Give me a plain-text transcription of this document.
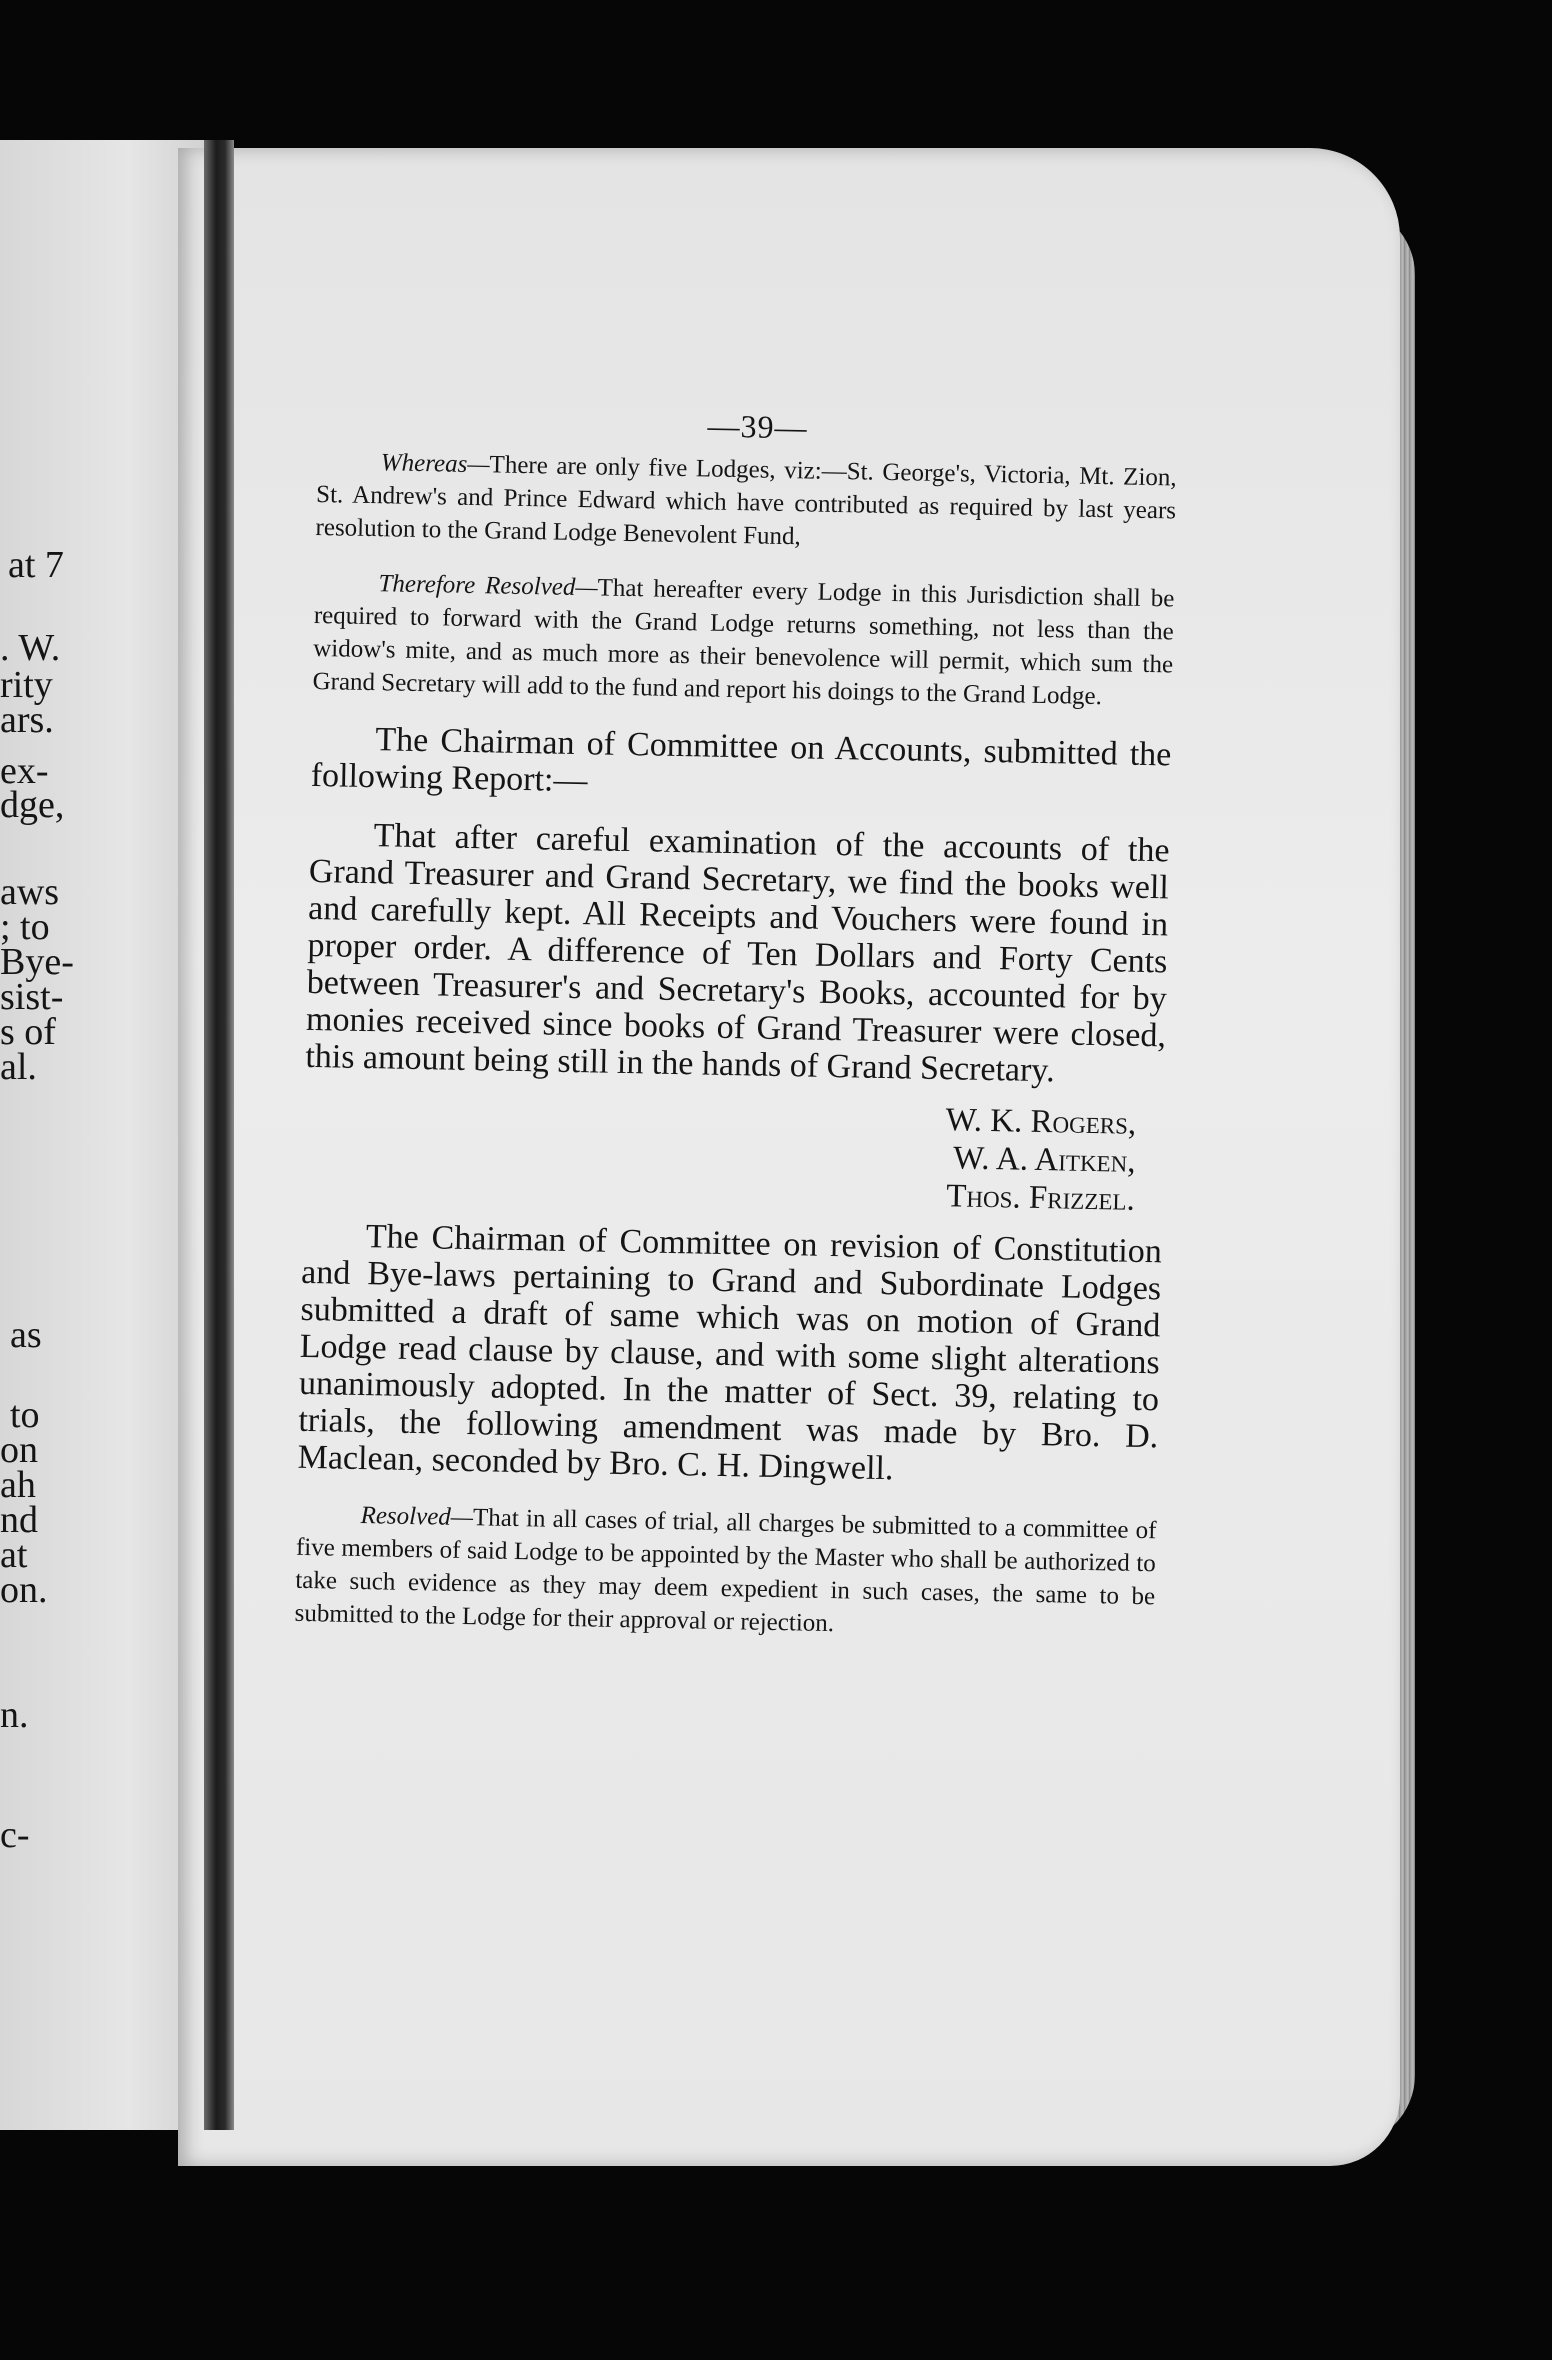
at 7
. W.
rity
ars.
ex-
dge,
aws
; to
Bye-
sist-
s of
al.
as
to
on
ah
nd
at
on.
n.
c-
—39—

Whereas—There are only five Lodges, viz:—St. George's, Victoria, Mt. Zion, St. Andrew's and Prince Edward which have contributed as required by last years resolution to the Grand Lodge Benevolent Fund,

Therefore Resolved—That hereafter every Lodge in this Jurisdiction shall be required to forward with the Grand Lodge returns something, not less than the widow's mite, and as much more as their benevolence will permit, which sum the Grand Secretary will add to the fund and report his doings to the Grand Lodge.

The Chairman of Committee on Accounts, submitted the following Report:—

That after careful examination of the accounts of the Grand Treasurer and Grand Secretary, we find the books well and carefully kept. All Receipts and Vouchers were found in proper order. A difference of Ten Dollars and Forty Cents between Treasurer's and Secretary's Books, accounted for by monies received since books of Grand Treasurer were closed, this amount being still in the hands of Grand Secretary.

W. K. Rogers,
W. A. Aitken,
Thos. Frizzel.

The Chairman of Committee on revision of Constitution and Bye-laws pertaining to Grand and Subordinate Lodges submitted a draft of same which was on motion of Grand Lodge read clause by clause, and with some slight alterations unanimously adopted. In the matter of Sect. 39, relating to trials, the following amendment was made by Bro. D. Maclean, seconded by Bro. C. H. Dingwell.

Resolved—That in all cases of trial, all charges be submitted to a committee of five members of said Lodge to be appointed by the Master who shall be authorized to take such evidence as they may deem expedient in such cases, the same to be submitted to the Lodge for their approval or rejection.
